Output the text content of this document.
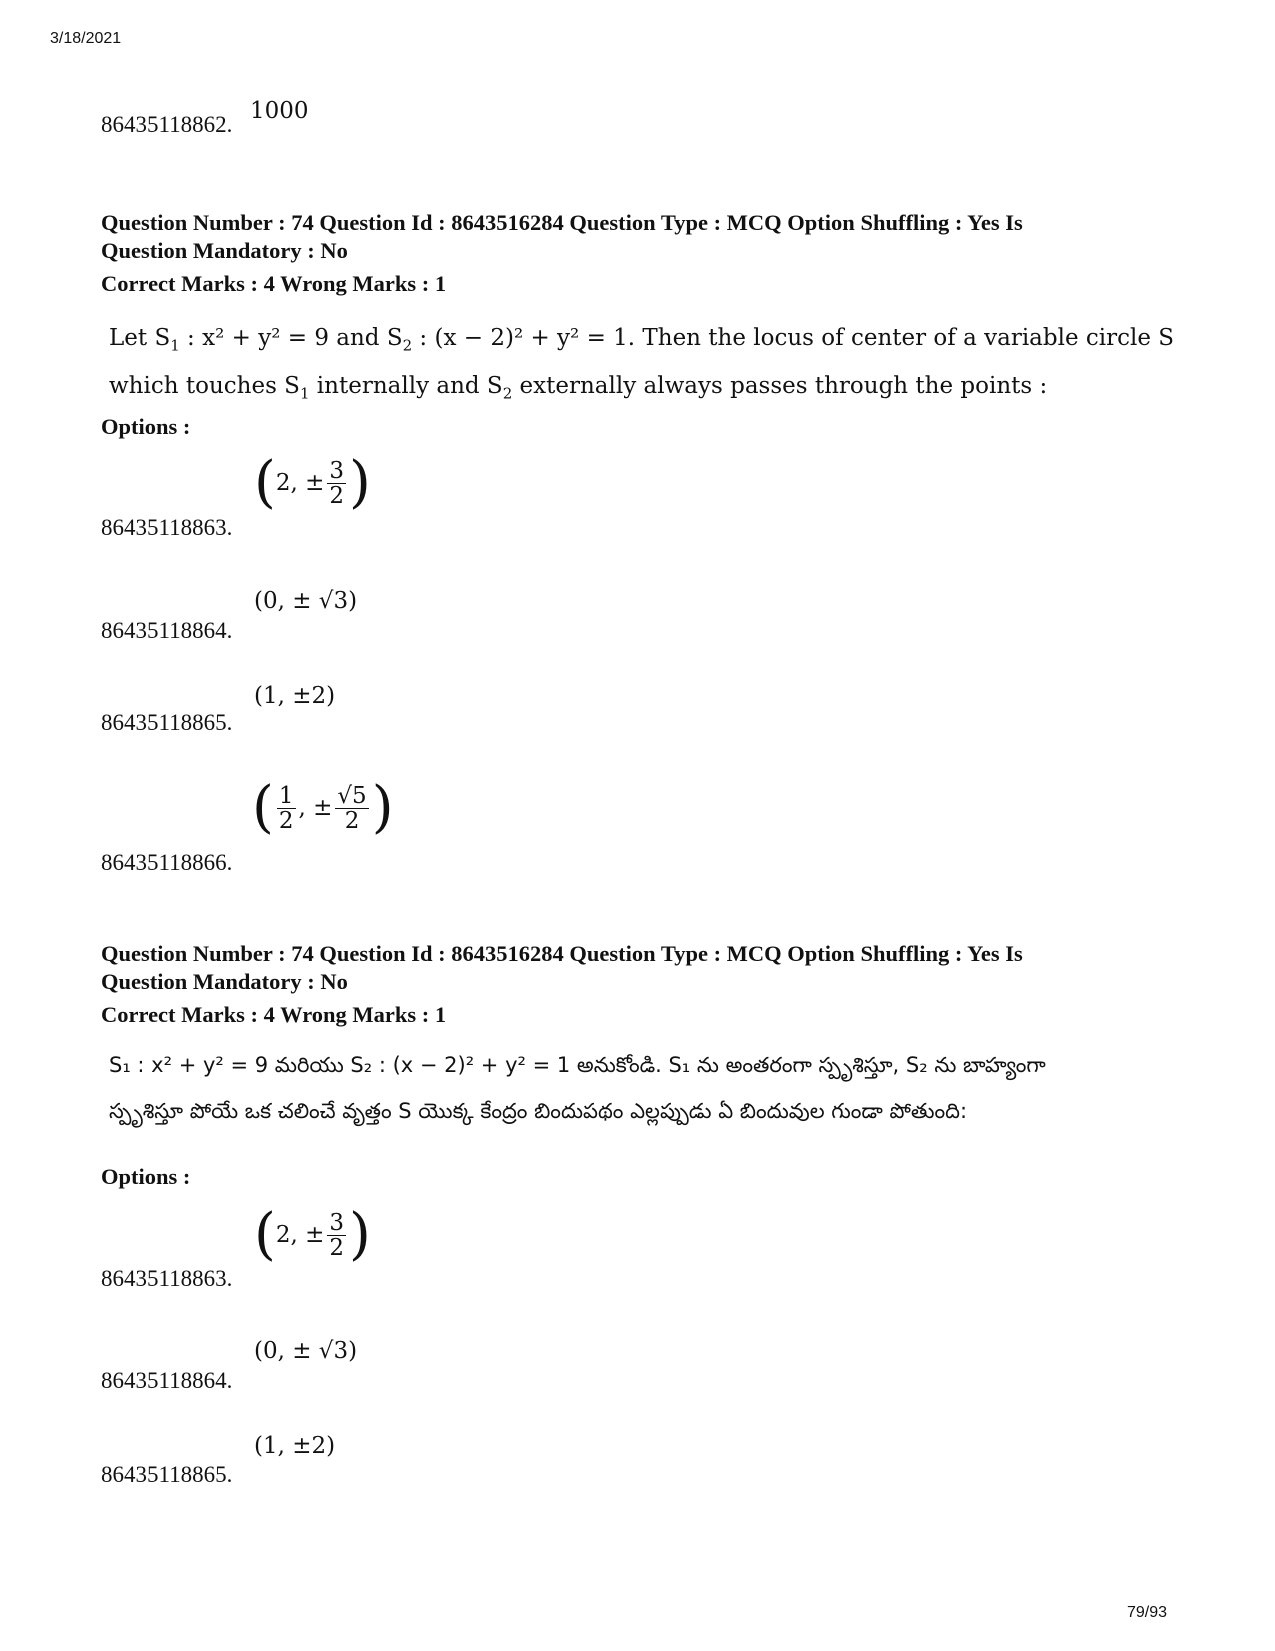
3/18/2021
86435118862.
1000
Question Number : 74 Question Id : 8643516284 Question Type : MCQ Option Shuffling : Yes Is
Question Mandatory : No
Correct Marks : 4 Wrong Marks : 1
Let $S_1$ : x² + y² = 9 and $S_2$ : (x − 2)² + y² = 1. Then the locus of center of a variable circle S
which touches $S_1$ internally and $S_2$ externally always passes through the points :
Options :
( 2,
± $\frac{3}{2}$ )
86435118863.
(0, ± √3)
86435118864.
(1, ±2)
86435118865.
( $\frac{1}{2}$ , ± $\frac{√5}{2}$ )
86435118866.
Question Number : 74 Question Id : 8643516284 Question Type : MCQ Option Shuffling : Yes Is
Question Mandatory : No
Correct Marks : 4 Wrong Marks : 1
S₁ : x² + y² = 9 మరియు S₂ : (x − 2)² + y² = 1 అనుకోండి. S₁ ను అంతరంగా స్పృశిస్తూ, S₂ ను బాహ్యంగా
స్పృశిస్తూ పోయే ఒక చలించే వృత్తం S యొక్క కేంద్రం బిందుపథం ఎల్లప్పుడు ఏ బిందువుల గుండా పోతుంది:
Options :
( 2,
± $\frac{3}{2}$ )
86435118863.
(0, ± √3)
86435118864.
(1, ±2)
86435118865.
79/93
